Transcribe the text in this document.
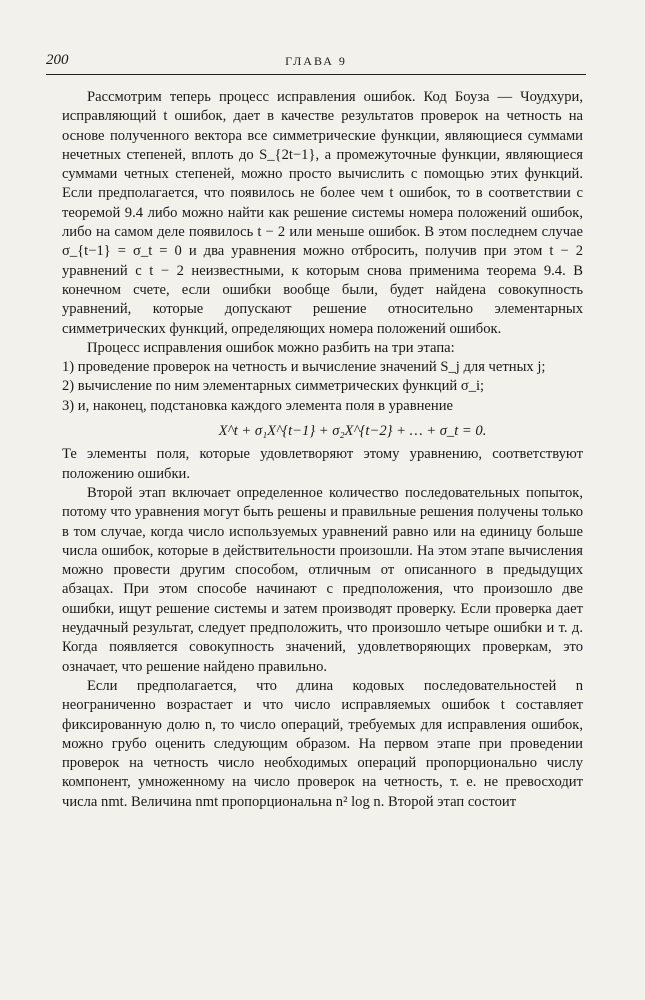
200	ГЛАВА 9

Рассмотрим теперь процесс исправления ошибок. Код Боуза — Чоудхури, исправляющий t ошибок, дает в качестве результатов проверок на четность на основе полученного вектора все симметрические функции, являющиеся суммами нечетных степеней, вплоть до S_{2t−1}, а промежуточные функции, являющиеся суммами четных степеней, можно просто вычислить с помощью этих функций. Если предполагается, что появилось не более чем t ошибок, то в соответствии с теоремой 9.4 либо можно найти как решение системы номера положений ошибок, либо на самом деле появилось t − 2 или меньше ошибок. В этом последнем случае σ_{t−1} = σ_t = 0 и два уравнения можно отбросить, получив при этом t − 2 уравнений с t − 2 неизвестными, к которым снова применима теорема 9.4. В конечном счете, если ошибки вообще были, будет найдена совокупность уравнений, которые допускают решение относительно элементарных симметрических функций, определяющих номера положений ошибок.

Процесс исправления ошибок можно разбить на три этапа:

1) проведение проверок на четность и вычисление значений S_j для четных j;

2) вычисление по ним элементарных симметрических функций σ_i;

3) и, наконец, подстановка каждого элемента поля в уравнение

X^t + σ₁X^{t−1} + σ₂X^{t−2} + … + σ_t = 0.

Те элементы поля, которые удовлетворяют этому уравнению, соответствуют положению ошибки.

Второй этап включает определенное количество последовательных попыток, потому что уравнения могут быть решены и правильные решения получены только в том случае, когда число используемых уравнений равно или на единицу больше числа ошибок, которые в действительности произошли. На этом этапе вычисления можно провести другим способом, отличным от описанного в предыдущих абзацах. При этом способе начинают с предположения, что произошло две ошибки, ищут решение системы и затем производят проверку. Если проверка дает неудачный результат, следует предположить, что произошло четыре ошибки и т. д. Когда появляется совокупность значений, удовлетворяющих проверкам, это означает, что решение найдено правильно.

Если предполагается, что длина кодовых последовательностей n неограниченно возрастает и что число исправляемых ошибок t составляет фиксированную долю n, то число операций, требуемых для исправления ошибок, можно грубо оценить следующим образом. На первом этапе при проведении проверок на четность число необходимых операций пропорционально числу компонент, умноженному на число проверок на четность, т. е. не превосходит числа nmt. Величина nmt пропорциональна n² log n. Второй этап состоит
